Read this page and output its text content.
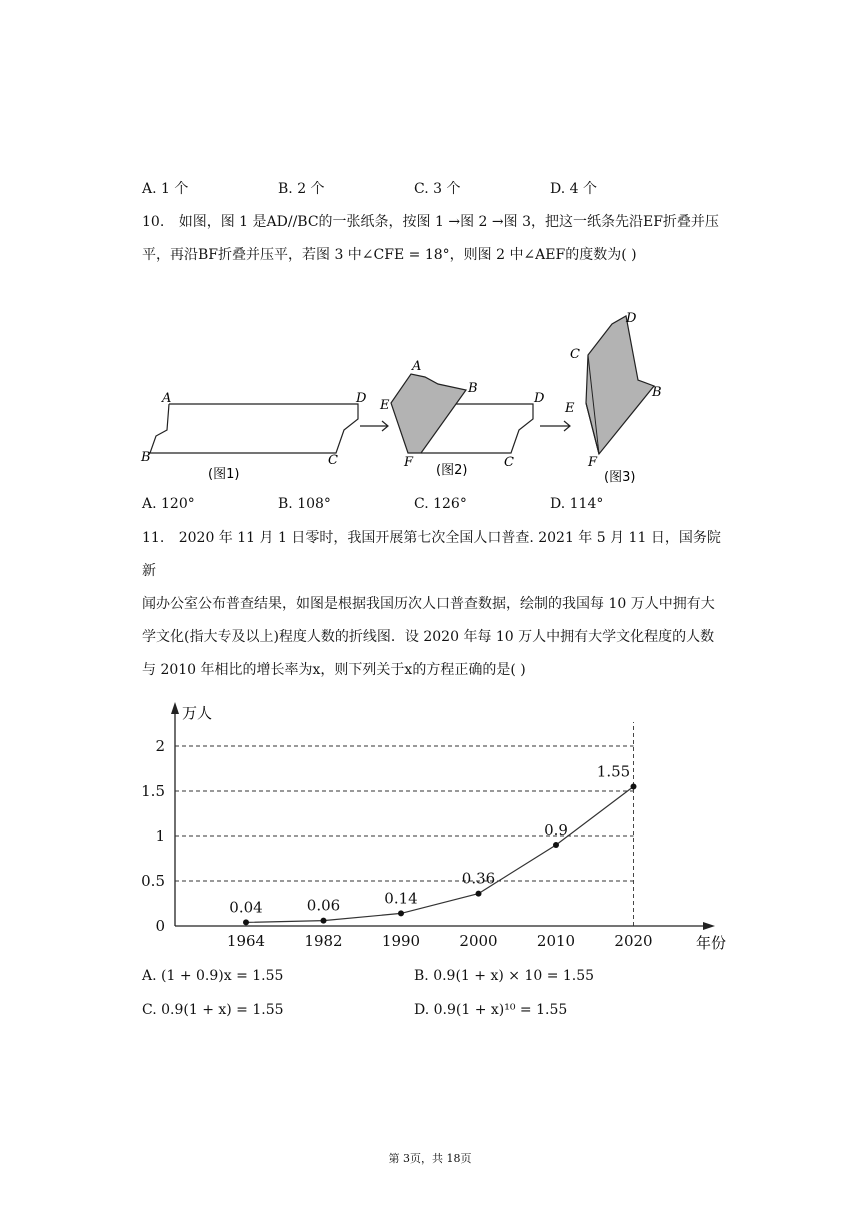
A. 1 个	B. 2 个	C. 3 个	D. 4 个
10. 如图，图 1 是AD//BC的一张纸条，按图 1 →图 2 →图 3，把这一纸条先沿EF折叠并压
平，再沿BF折叠并压平，若图 3 中∠CFE = 18°，则图 2 中∠AEF的度数为( )
A
B	C
D
(图1)
A
B
C
D
E
F
(图2)
B
C
D
E
F
(图3)
A. 120°	B. 108°	C. 126°	D. 114°
11. 2020 年 11 月 1 日零时，我国开展第七次全国人口普查. 2021 年 5 月 11 日，国务院新
闻办公室公布普查结果，如图是根据我国历次人口普查数据，绘制的我国每 10 万人中拥有大
学文化(指大专及以上)程度人数的折线图．设 2020 年每 10 万人中拥有大学文化程度的人数
与 2010 年相比的增长率为x，则下列关于x的方程正确的是( )
0
0.5
1
1.5
2
1964	1982	1990	2000	2010	2020
0.04	0.06	0.14
0.36
0.9
1.55
万人
年份
A. (1 + 0.9)x = 1.55	B. 0.9(1 + x) × 10 = 1.55
C. 0.9(1 + x) = 1.55	D. 0.9(1 + x)¹⁰ = 1.55
第 3页，共 18页
